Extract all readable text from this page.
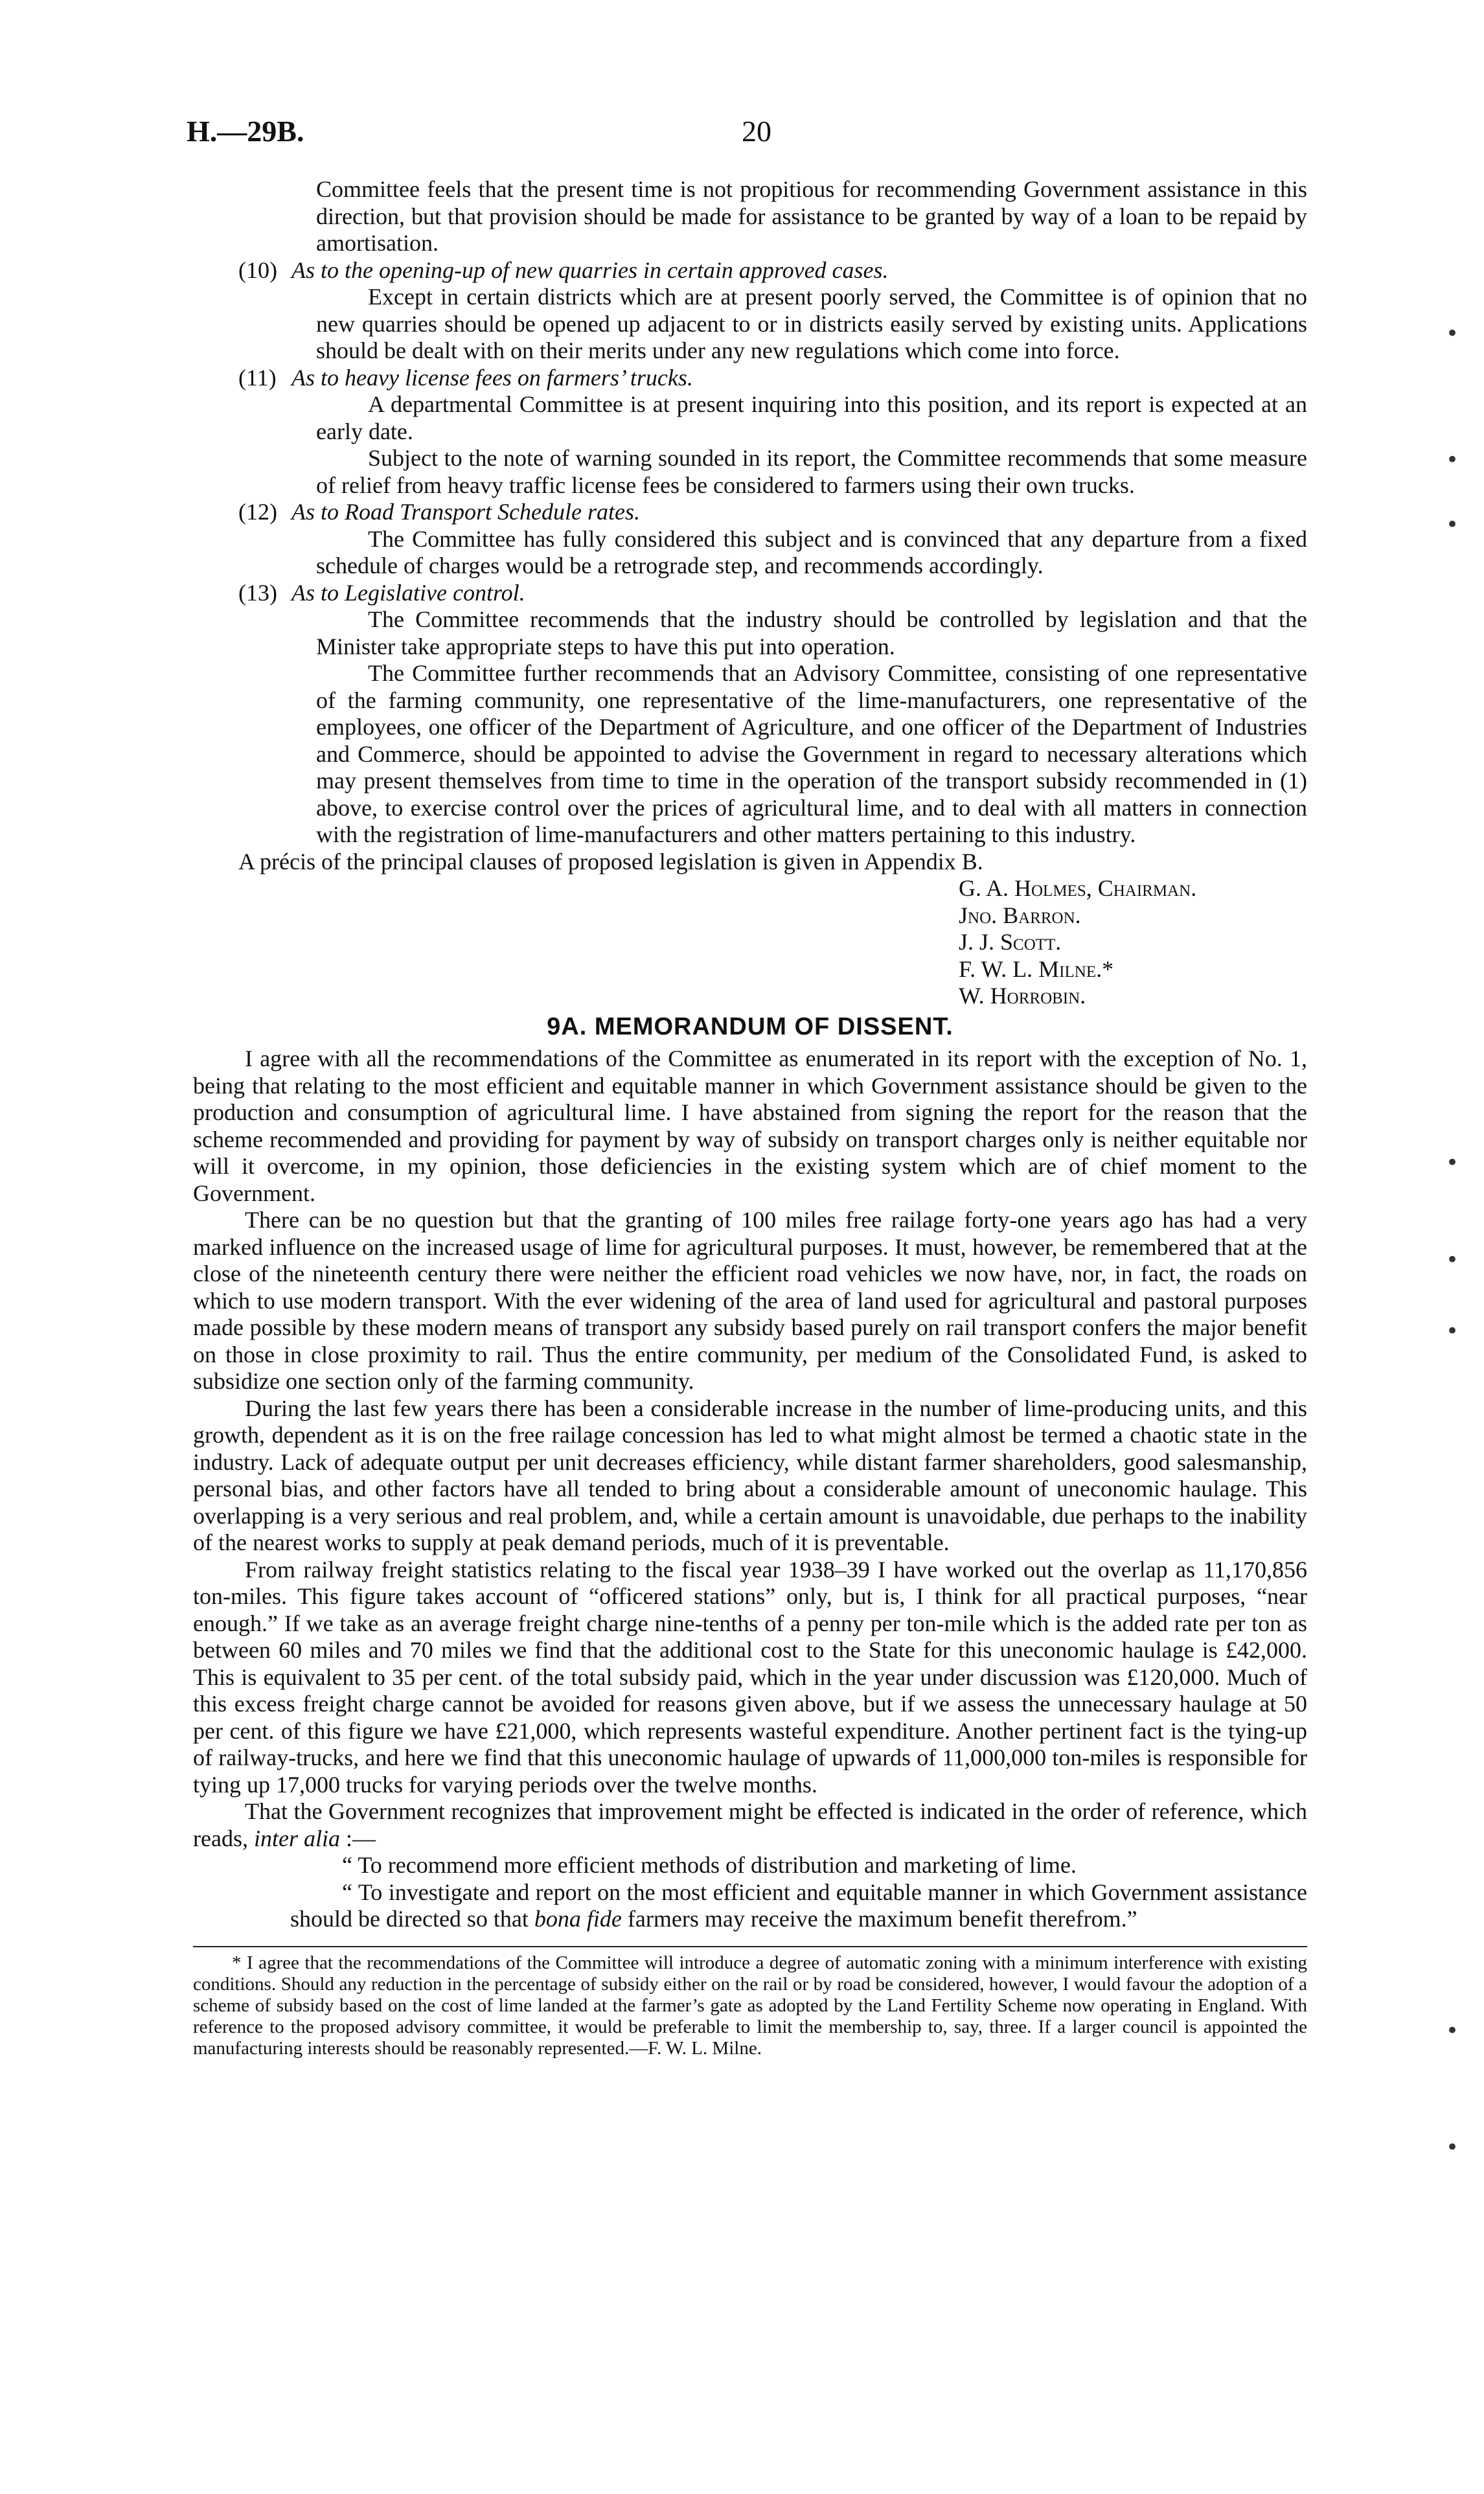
H.—29B.	20

Committee feels that the present time is not propitious for recommending Government assistance in this direction, but that provision should be made for assistance to be granted by way of a loan to be repaid by amortisation.

(10) As to the opening-up of new quarries in certain approved cases.

Except in certain districts which are at present poorly served, the Committee is of opinion that no new quarries should be opened up adjacent to or in districts easily served by existing units. Applications should be dealt with on their merits under any new regulations which come into force.

(11) As to heavy license fees on farmers’ trucks.

A departmental Committee is at present inquiring into this position, and its report is expected at an early date.

Subject to the note of warning sounded in its report, the Committee recommends that some measure of relief from heavy traffic license fees be considered to farmers using their own trucks.

(12) As to Road Transport Schedule rates.

The Committee has fully considered this subject and is convinced that any departure from a fixed schedule of charges would be a retrograde step, and recommends accordingly.

(13) As to Legislative control.

The Committee recommends that the industry should be controlled by legislation and that the Minister take appropriate steps to have this put into operation.

The Committee further recommends that an Advisory Committee, consisting of one representative of the farming community, one representative of the lime-manufacturers, one representative of the employees, one officer of the Department of Agriculture, and one officer of the Department of Industries and Commerce, should be appointed to advise the Government in regard to necessary alterations which may present themselves from time to time in the operation of the transport subsidy recommended in (1) above, to exercise control over the prices of agricultural lime, and to deal with all matters in connection with the registration of lime-manufacturers and other matters pertaining to this industry.

A précis of the principal clauses of proposed legislation is given in Appendix B.

G. A. Holmes, Chairman.

Jno. Barron.

J. J. Scott.

F. W. L. Milne.*

W. Horrobin.

9A. MEMORANDUM OF DISSENT.

I agree with all the recommendations of the Committee as enumerated in its report with the exception of No. 1, being that relating to the most efficient and equitable manner in which Government assistance should be given to the production and consumption of agricultural lime. I have abstained from signing the report for the reason that the scheme recommended and providing for payment by way of subsidy on transport charges only is neither equitable nor will it overcome, in my opinion, those deficiencies in the existing system which are of chief moment to the Government.

There can be no question but that the granting of 100 miles free railage forty-one years ago has had a very marked influence on the increased usage of lime for agricultural purposes. It must, however, be remembered that at the close of the nineteenth century there were neither the efficient road vehicles we now have, nor, in fact, the roads on which to use modern transport. With the ever widening of the area of land used for agricultural and pastoral purposes made possible by these modern means of transport any subsidy based purely on rail transport confers the major benefit on those in close proximity to rail. Thus the entire community, per medium of the Consolidated Fund, is asked to subsidize one section only of the farming community.

During the last few years there has been a considerable increase in the number of lime-producing units, and this growth, dependent as it is on the free railage concession has led to what might almost be termed a chaotic state in the industry. Lack of adequate output per unit decreases efficiency, while distant farmer shareholders, good salesmanship, personal bias, and other factors have all tended to bring about a considerable amount of uneconomic haulage. This overlapping is a very serious and real problem, and, while a certain amount is unavoidable, due perhaps to the inability of the nearest works to supply at peak demand periods, much of it is preventable.

From railway freight statistics relating to the fiscal year 1938–39 I have worked out the overlap as 11,170,856 ton-miles. This figure takes account of “officered stations” only, but is, I think for all practical purposes, “near enough.” If we take as an average freight charge nine-tenths of a penny per ton-mile which is the added rate per ton as between 60 miles and 70 miles we find that the additional cost to the State for this uneconomic haulage is £42,000. This is equivalent to 35 per cent. of the total subsidy paid, which in the year under discussion was £120,000. Much of this excess freight charge cannot be avoided for reasons given above, but if we assess the unnecessary haulage at 50 per cent. of this figure we have £21,000, which represents wasteful expenditure. Another pertinent fact is the tying-up of railway-trucks, and here we find that this uneconomic haulage of upwards of 11,000,000 ton-miles is responsible for tying up 17,000 trucks for varying periods over the twelve months.

That the Government recognizes that improvement might be effected is indicated in the order of reference, which reads, inter alia :—

“ To recommend more efficient methods of distribution and marketing of lime.

“ To investigate and report on the most efficient and equitable manner in which Government assistance should be directed so that bona fide farmers may receive the maximum benefit therefrom.”

* I agree that the recommendations of the Committee will introduce a degree of automatic zoning with a minimum interference with existing conditions. Should any reduction in the percentage of subsidy either on the rail or by road be considered, however, I would favour the adoption of a scheme of subsidy based on the cost of lime landed at the farmer’s gate as adopted by the Land Fertility Scheme now operating in England. With reference to the proposed advisory committee, it would be preferable to limit the membership to, say, three. If a larger council is appointed the manufacturing interests should be reasonably represented.—F. W. L. Milne.

•
•
•
•
•
•
•
•
